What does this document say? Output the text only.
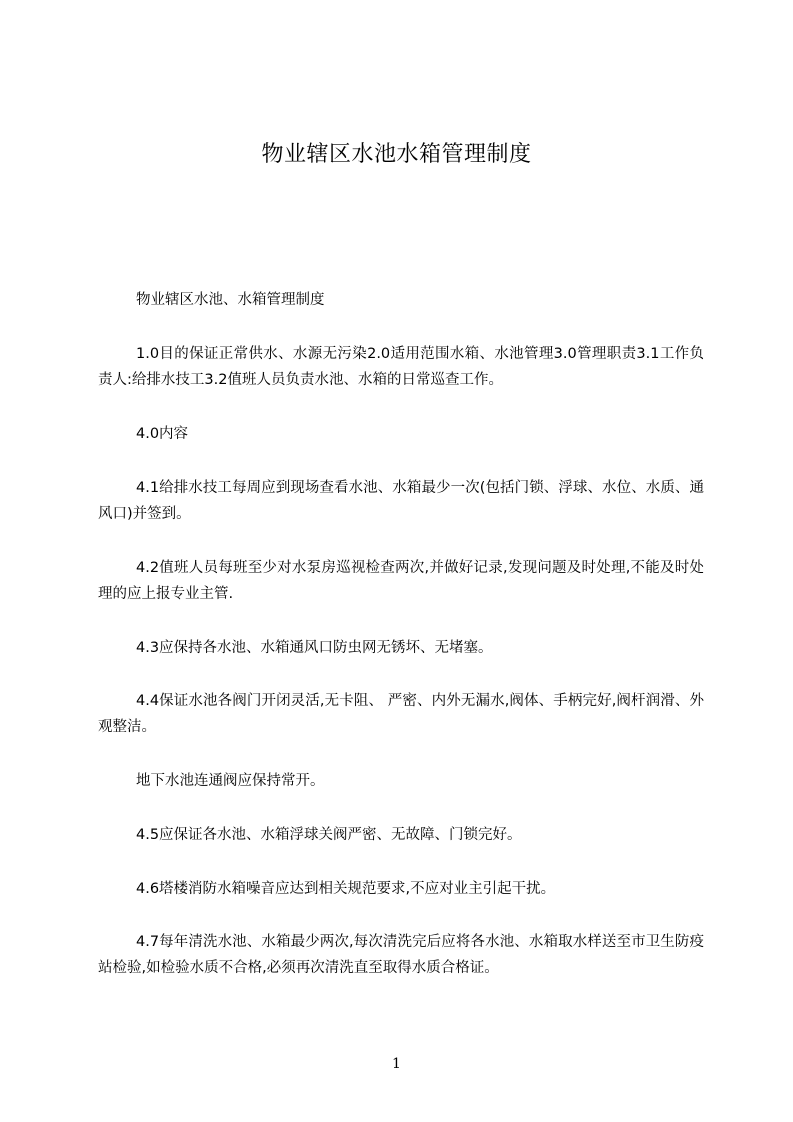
物业辖区水池水箱管理制度

物业辖区水池、水箱管理制度

1.0目的保证正常供水、水源无污染2.0适用范围水箱、水池管理3.0管理职责3.1工作负责人:给排水技工3.2值班人员负责水池、水箱的日常巡查工作。

4.0内容

4.1给排水技工每周应到现场查看水池、水箱最少一次(包括门锁、浮球、水位、水质、通风口)并签到。

4.2值班人员每班至少对水泵房巡视检查两次,并做好记录,发现问题及时处理,不能及时处理的应上报专业主管.

4.3应保持各水池、水箱通风口防虫网无锈坏、无堵塞。

4.4保证水池各阀门开闭灵活,无卡阻、 严密、内外无漏水,阀体、手柄完好,阀杆润滑、外观整洁。

地下水池连通阀应保持常开。

4.5应保证各水池、水箱浮球关阀严密、无故障、门锁完好。

4.6塔楼消防水箱噪音应达到相关规范要求,不应对业主引起干扰。

4.7每年清洗水池、水箱最少两次,每次清洗完后应将各水池、水箱取水样送至市卫生防疫站检验,如检验水质不合格,必须再次清洗直至取得水质合格证。

1
